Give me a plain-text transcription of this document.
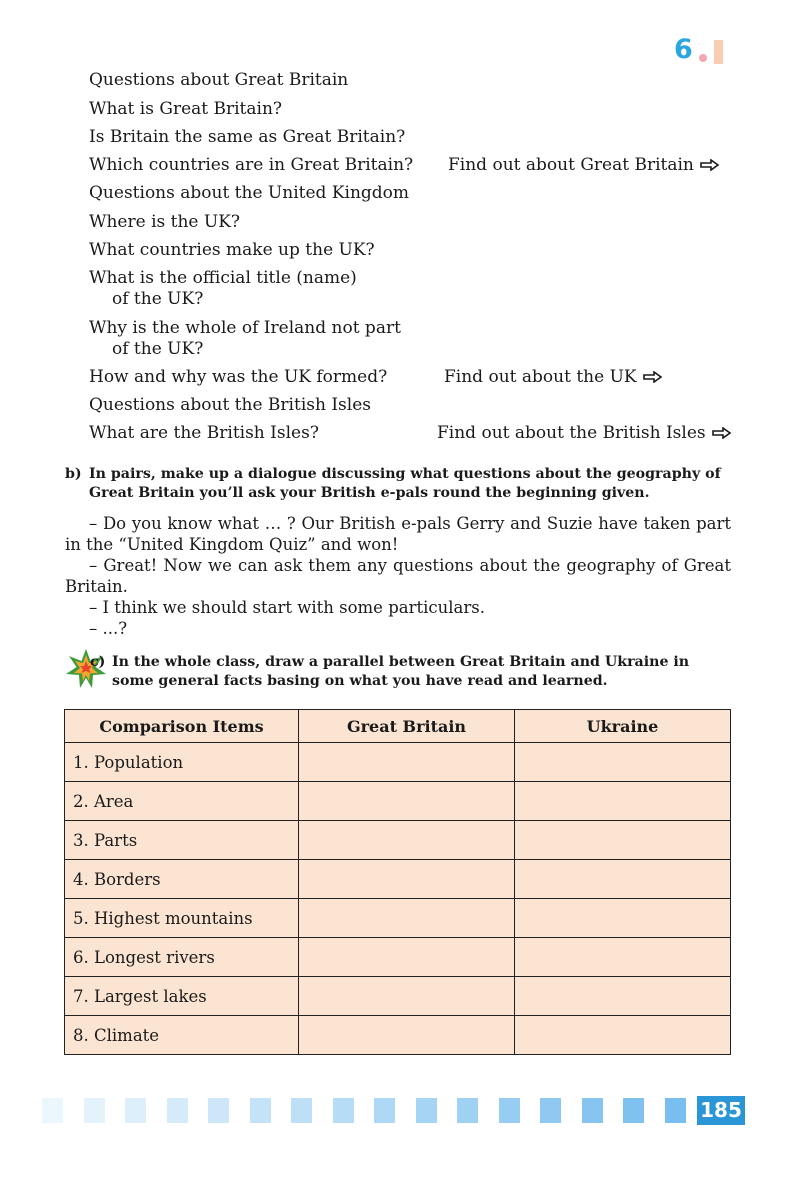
6
Questions about Great Britain
What is Great Britain?
Is Britain the same as Great Britain?
Which countries are in Great Britain?
Questions about the United Kingdom
Where is the UK?
What countries make up the UK?
What is the official title (name)
of the UK?
Why is the whole of Ireland not part
of the UK?
How and why was the UK formed?
Questions about the British Isles
What are the British Isles?
Find out about Great Britain
Find out about the UK
Find out about the British Isles
b) In pairs, make up a dialogue discussing what questions about the geography of Great Britain you’ll ask your British e-pals round the beginning given.

– Do you know what … ? Our British e-pals Gerry and Suzie have taken part in the “United Kingdom Quiz” and won!

– Great! Now we can ask them any questions about the geography of Great Britain.

– I think we should start with some particulars.

– ...?

c) In the whole class, draw a parallel between Great Britain and Ukraine in some general facts basing on what you have read and learned.
Comparison Items	Great Britain	Ukraine
1. Population		
2. Area		
3. Parts		
4. Borders		
5. Highest mountains		
6. Longest rivers		
7. Largest lakes		
8. Climate		
185
